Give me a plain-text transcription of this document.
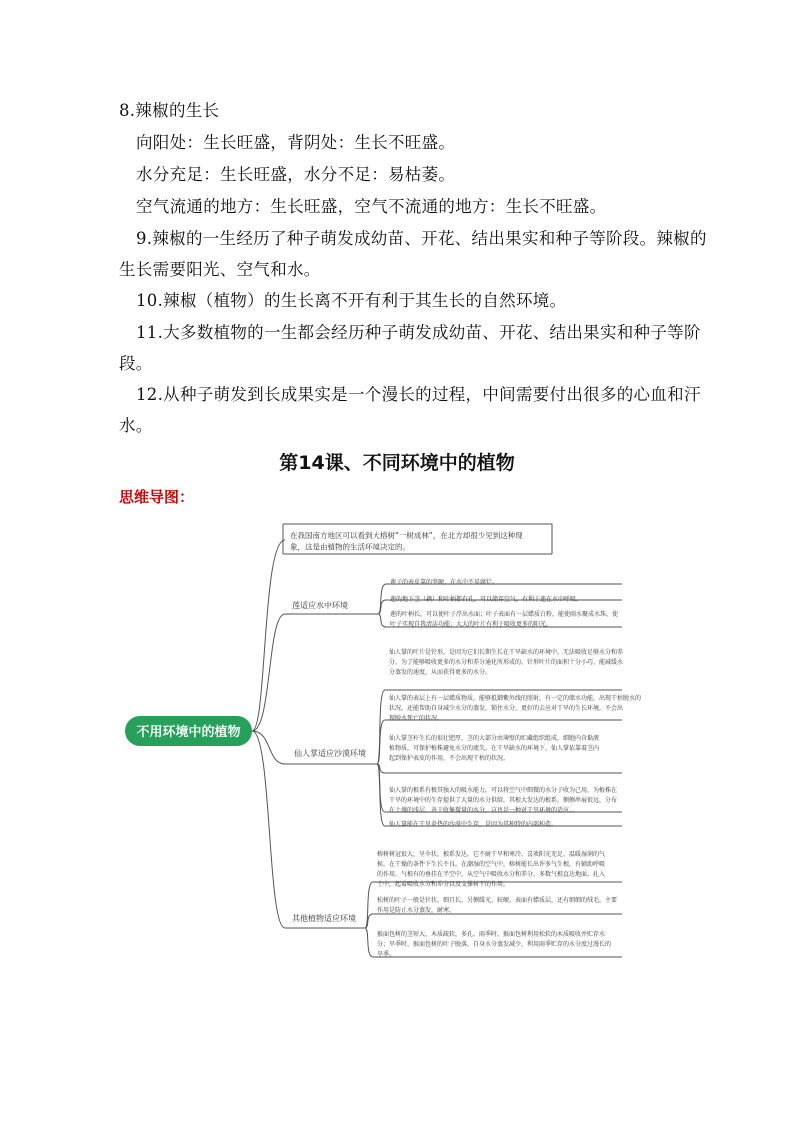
8.辣椒的生长
向阳处：生长旺盛，背阴处：生长不旺盛。
水分充足：生长旺盛，水分不足：易枯萎。
空气流通的地方：生长旺盛，空气不流通的地方：生长不旺盛。
9.辣椒的一生经历了种子萌发成幼苗、开花、结出果实和种子等阶段。辣椒的
生长需要阳光、空气和水。
10.辣椒（植物）的生长离不开有利于其生长的自然环境。
11.大多数植物的一生都会经历种子萌发成幼苗、开花、结出果实和种子等阶
段。
12.从种子萌发到长成果实是一个漫长的过程，中间需要付出很多的心血和汗
水。
第14课、不同环境中的植物
思维导图：
不用环境中的植物
在我国南方地区可以看到大榕树“一树成林”，在北方却很少见到这种现
象，这是由植物的生活环境决定的。
莲适应水中环境
莲子的表皮靠的坚硬，在水中不易腐烂。
莲的地下茎（藕）和叶柄都有孔，可以储存空气，有利于莲在水中呼吸。
莲的叶柄长，可以使叶子浮出水面；叶子表面有一层蜡质白粉，能使雨水聚成水珠，使
叶子实现自我清洁功能；大大的叶片有利于吸收更多的阳光。
仙人掌适应沙漠环境
仙人掌的叶片是针形，是因为它们长期生长在干旱缺水的环境中，无法吸收足够水分和养
分，为了能够吸收更多的水分和养分通化所形成的。针形叶片的面积十分小巧，能减缓水
分蒸发的速度，从而获得更多的水分。
仙人掌的表层上有一层蜡质物质，能够抵御紫外线的照射，有一定的储水功能，出现干枯脱水的
状况。还能帮助自身减少水分的蒸发，锁住水分，更好的去应对干旱的生长环境，不会出
现脱水死亡的状况。
仙人掌茎秆生长的很壮肥厚，茎的大部分由薄壁的贮藏组织组成，细胞内含黏液
植物质，可保护植株避免水分的流失。在干旱缺水的环境下，仙人掌依靠着茎内
起到保护表皮的作用，不会出现干枯的状况。
仙人掌的根系有极其强大的吸水能力，可以将空气中细微的水分子收为己用，为植株在
干旱的环境中的生存提供了大量的水分供给，其根大发达的根系，侧侧串展很远，分布
在土壤的浅层，善于收集微量的水分，这也是一种对干旱环境的适应。。
仙人掌能在干旱炎热的沙漠中生存，是因为其独特的内部构造。
其他植物适应环境
榕树树冠很大，呈伞状，根系发达。它不耐干旱和寒冷，喜欢阳光充足、温暖湿润的气
候，在干燥的条件下生长不良。在潮湿的空气中，榕树能长出许多气生根，有辅助呼吸
的作用。气根有的垂挂在半空中，从空气中吸收水分和养分。多数气根直达地面，扎入
土中，起着吸收水分和养分以及支撑树干的作用。
松树的叶子一般是针状，细且长，另侧缓光、较硬，表面有蜡质层，还有细细的绒毛，主要
作用是防止水分蒸发，耐寒。
猴面包树的茎短大，木质疏软，多孔。雨季时，猴面包树利用松软的木质吸收并贮存水
分；旱季时，猴面包树的叶子脱落，自身水分蒸发减少，利用雨季贮存的水分度过漫长的
旱季。
